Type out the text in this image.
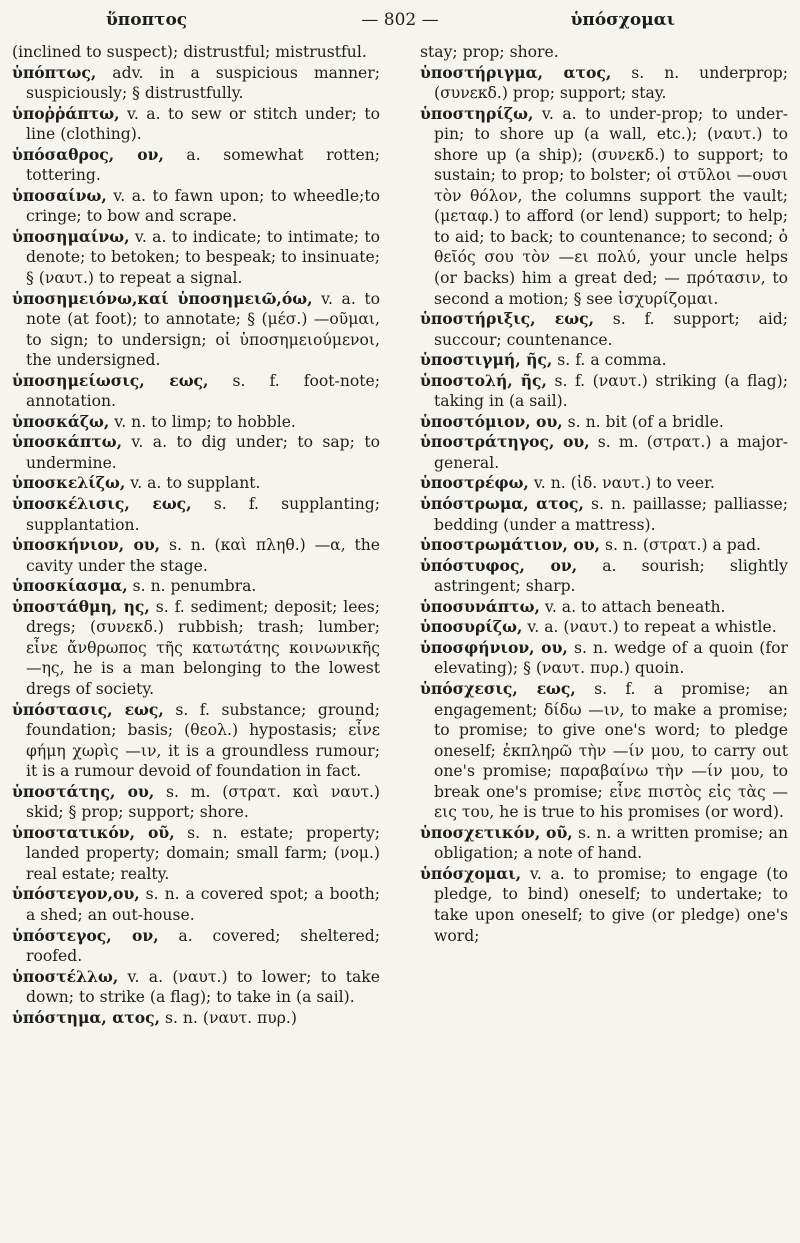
ὕποπτος	— 802 —	ὑπόσχομαι

(inclined to suspect); distrustful; mistrustful.

ὑπόπτως, adv. in a suspicious manner; suspiciously; § distrustfully.

ὑποῤῥάπτω, v. a. to sew or stitch under; to line (clothing).

ὑπόσαθρος, ον, a. somewhat rotten; tottering.

ὑποσαίνω, v. a. to fawn upon; to wheedle;to cringe; to bow and scrape.

ὑποσημαίνω, v. a. to indicate; to intimate; to denote; to betoken; to bespeak; to insinuate; § (ναυτ.) to repeat a signal.

ὑποσημειόνω,καί ὑποσημειῶ,όω, v. a. to note (at foot); to annotate; § (μέσ.) —οῦμαι, to sign; to undersign; οἱ ὑποσημειούμενοι, the undersigned.

ὑποσημείωσις, εως, s. f. foot-note; annotation.

ὑποσκάζω, v. n. to limp; to hobble.

ὑποσκάπτω, v. a. to dig under; to sap; to undermine.

ὑποσκελίζω, v. a. to supplant.

ὑποσκέλισις, εως, s. f. supplanting; supplantation.

ὑποσκήνιον, ου, s. n. (καὶ πληθ.) —α, the cavity under the stage.

ὑποσκίασμα, s. n. penumbra.

ὑποστάθμη, ης, s. f. sediment; deposit; lees; dregs; (συνεκδ.) rubbish; trash; lumber; εἶνε ἄνθρωπος τῆς κατωτάτης κοινωνικῆς —ης, he is a man belonging to the lowest dregs of society.

ὑπόστασις, εως, s. f. substance; ground; foundation; basis; (θεολ.) hypostasis; εἶνε φήμη χωρὶς —ιν, it is a groundless rumour; it is a rumour devoid of foundation in fact.

ὑποστάτης, ου, s. m. (στρατ. καὶ ναυτ.) skid; § prop; support; shore.

ὑποστατικόν, οῦ, s. n. estate; property; landed property; domain; small farm; (νομ.) real estate; realty.

ὑπόστεγον,ου, s. n. a covered spot; a booth; a shed; an out-house.

ὑπόστεγος, ον, a. covered; sheltered; roofed.

ὑποστέλλω, v. a. (ναυτ.) to lower; to take down; to strike (a flag); to take in (a sail).

ὑπόστημα, ατος, s. n. (ναυτ. πυρ.)

stay; prop; shore.

ὑποστήριγμα, ατος, s. n. underprop; (συνεκδ.) prop; support; stay.

ὑποστηρίζω, v. a. to under-prop; to under-pin; to shore up (a wall, etc.); (ναυτ.) to shore up (a ship); (συνεκδ.) to support; to sustain; to prop; to bolster; οἱ στῦλοι —ουσι τὸν θόλον, the columns support the vault; (μεταφ.) to afford (or lend) support; to help; to aid; to back; to countenance; to second; ὁ θεῖός σου τὸν —ει πολύ, your uncle helps (or backs) him a great ded; — πρότασιν, to second a motion; § see ἰσχυρίζομαι.

ὑποστήριξις, εως, s. f. support; aid; succour; countenance.

ὑποστιγμή, ῆς, s. f. a comma.

ὑποστολή, ῆς, s. f. (ναυτ.) striking (a flag); taking in (a sail).

ὑποστόμιον, ου, s. n. bit (of a bridle.

ὑποστράτηγος, ου, s. m. (στρατ.) a major-general.

ὑποστρέφω, v. n. (ἰδ. ναυτ.) to veer.

ὑπόστρωμα, ατος, s. n. paillasse; palliasse; bedding (under a mattress).

ὑποστρωμάτιον, ου, s. n. (στρατ.) a pad.

ὑπόστυφος, ον, a. sourish; slightly astringent; sharp.

ὑποσυνάπτω, v. a. to attach beneath.

ὑποσυρίζω, v. a. (ναυτ.) to repeat a whistle.

ὑποσφήνιον, ου, s. n. wedge of a quoin (for elevating); § (ναυτ. πυρ.) quoin.

ὑπόσχεσις, εως, s. f. a promise; an engagement; δίδω —ιν, to make a promise; to promise; to give one's word; to pledge oneself; ἐκπληρῶ τὴν —ίν μου, to carry out one's promise; παραβαίνω τὴν —ίν μου, to break one's promise; εἶνε πιστὸς εἰς τὰς —εις του, he is true to his promises (or word).

ὑποσχετικόν, οῦ, s. n. a written promise; an obligation; a note of hand.

ὑπόσχομαι, v. a. to promise; to engage (to pledge, to bind) oneself; to undertake; to take upon oneself; to give (or pledge) one's word;
